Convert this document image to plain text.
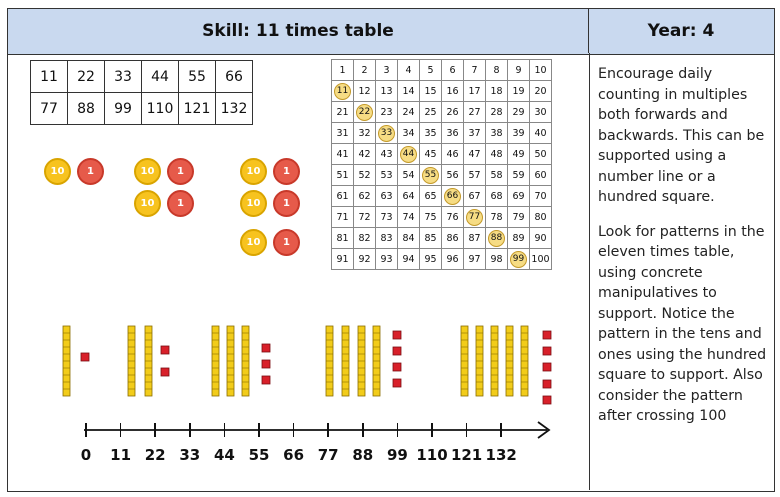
Skill: 11 times table	Year: 4

Encourage daily counting in multiples both forwards and backwards. This can be supported using a number line or a hundred square.

Look for patterns in the eleven times table, using concrete manipulatives to support. Notice the pattern in the tens and ones using the hundred square to support. Also consider the pattern after crossing 100

11	22	33	44	55	66
77	88	99	110	121	132
1	2	3	4	5	6	7	8	9	10
11	12	13	14	15	16	17	18	19	20
21	22	23	24	25	26	27	28	29	30
31	32	33	34	35	36	37	38	39	40
41	42	43	44	45	46	47	48	49	50
51	52	53	54	55	56	57	58	59	60
61	62	63	64	65	66	67	68	69	70
71	72	73	74	75	76	77	78	79	80
81	82	83	84	85	86	87	88	89	90
91	92	93	94	95	96	97	98	99	100
10	1	10	1
10	1
10	1
10	1
10	1
0 11 22 33 44 55 66 77 88 99 110 121 132
